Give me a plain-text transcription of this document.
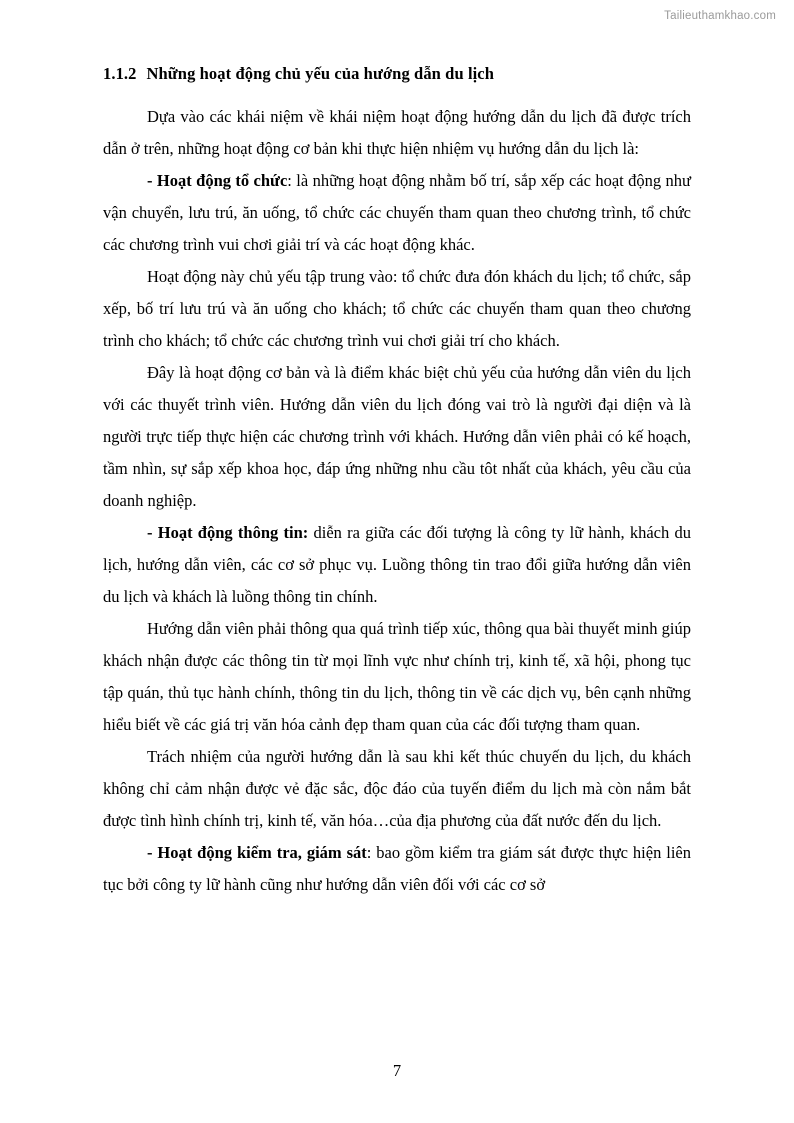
Tailieuthamkhao.com
1.1.2 Những hoạt động chủ yếu của hướng dẫn du lịch

Dựa vào các khái niệm về khái niệm hoạt động hướng dẫn du lịch đã được trích dẫn ở trên, những hoạt động cơ bản khi thực hiện nhiệm vụ hướng dẫn du lịch là:

- Hoạt động tổ chức: là những hoạt động nhằm bố trí, sắp xếp các hoạt động như vận chuyển, lưu trú, ăn uống, tổ chức các chuyến tham quan theo chương trình, tổ chức các chương trình vui chơi giải trí và các hoạt động khác.

Hoạt động này chủ yếu tập trung vào: tổ chức đưa đón khách du lịch; tổ chức, sắp xếp, bố trí lưu trú và ăn uống cho khách; tổ chức các chuyến tham quan theo chương trình cho khách; tổ chức các chương trình vui chơi giải trí cho khách.

Đây là hoạt động cơ bản và là điểm khác biệt chủ yếu của hướng dẫn viên du lịch với các thuyết trình viên. Hướng dẫn viên du lịch đóng vai trò là người đại diện và là người trực tiếp thực hiện các chương trình với khách. Hướng dẫn viên phải có kế hoạch, tầm nhìn, sự sắp xếp khoa học, đáp ứng những nhu cầu tôt nhất của khách, yêu cầu của doanh nghiệp.

- Hoạt động thông tin: diễn ra giữa các đối tượng là công ty lữ hành, khách du lịch, hướng dẫn viên, các cơ sở phục vụ. Luồng thông tin trao đổi giữa hướng dẫn viên du lịch và khách là luồng thông tin chính.

Hướng dẫn viên phải thông qua quá trình tiếp xúc, thông qua bài thuyết minh giúp khách nhận được các thông tin từ mọi lĩnh vực như chính trị, kinh tế, xã hội, phong tục tập quán, thủ tục hành chính, thông tin du lịch, thông tin về các dịch vụ, bên cạnh những hiểu biết về các giá trị văn hóa cảnh đẹp tham quan của các đối tượng tham quan.

Trách nhiệm của người hướng dẫn là sau khi kết thúc chuyến du lịch, du khách không chỉ cảm nhận được vẻ đặc sắc, độc đáo của tuyến điểm du lịch mà còn nắm bắt được tình hình chính trị, kinh tế, văn hóa…của địa phương của đất nước đến du lịch.

- Hoạt động kiểm tra, giám sát: bao gồm kiểm tra giám sát được thực hiện liên tục bởi công ty lữ hành cũng như hướng dẫn viên đối với các cơ sở

7
